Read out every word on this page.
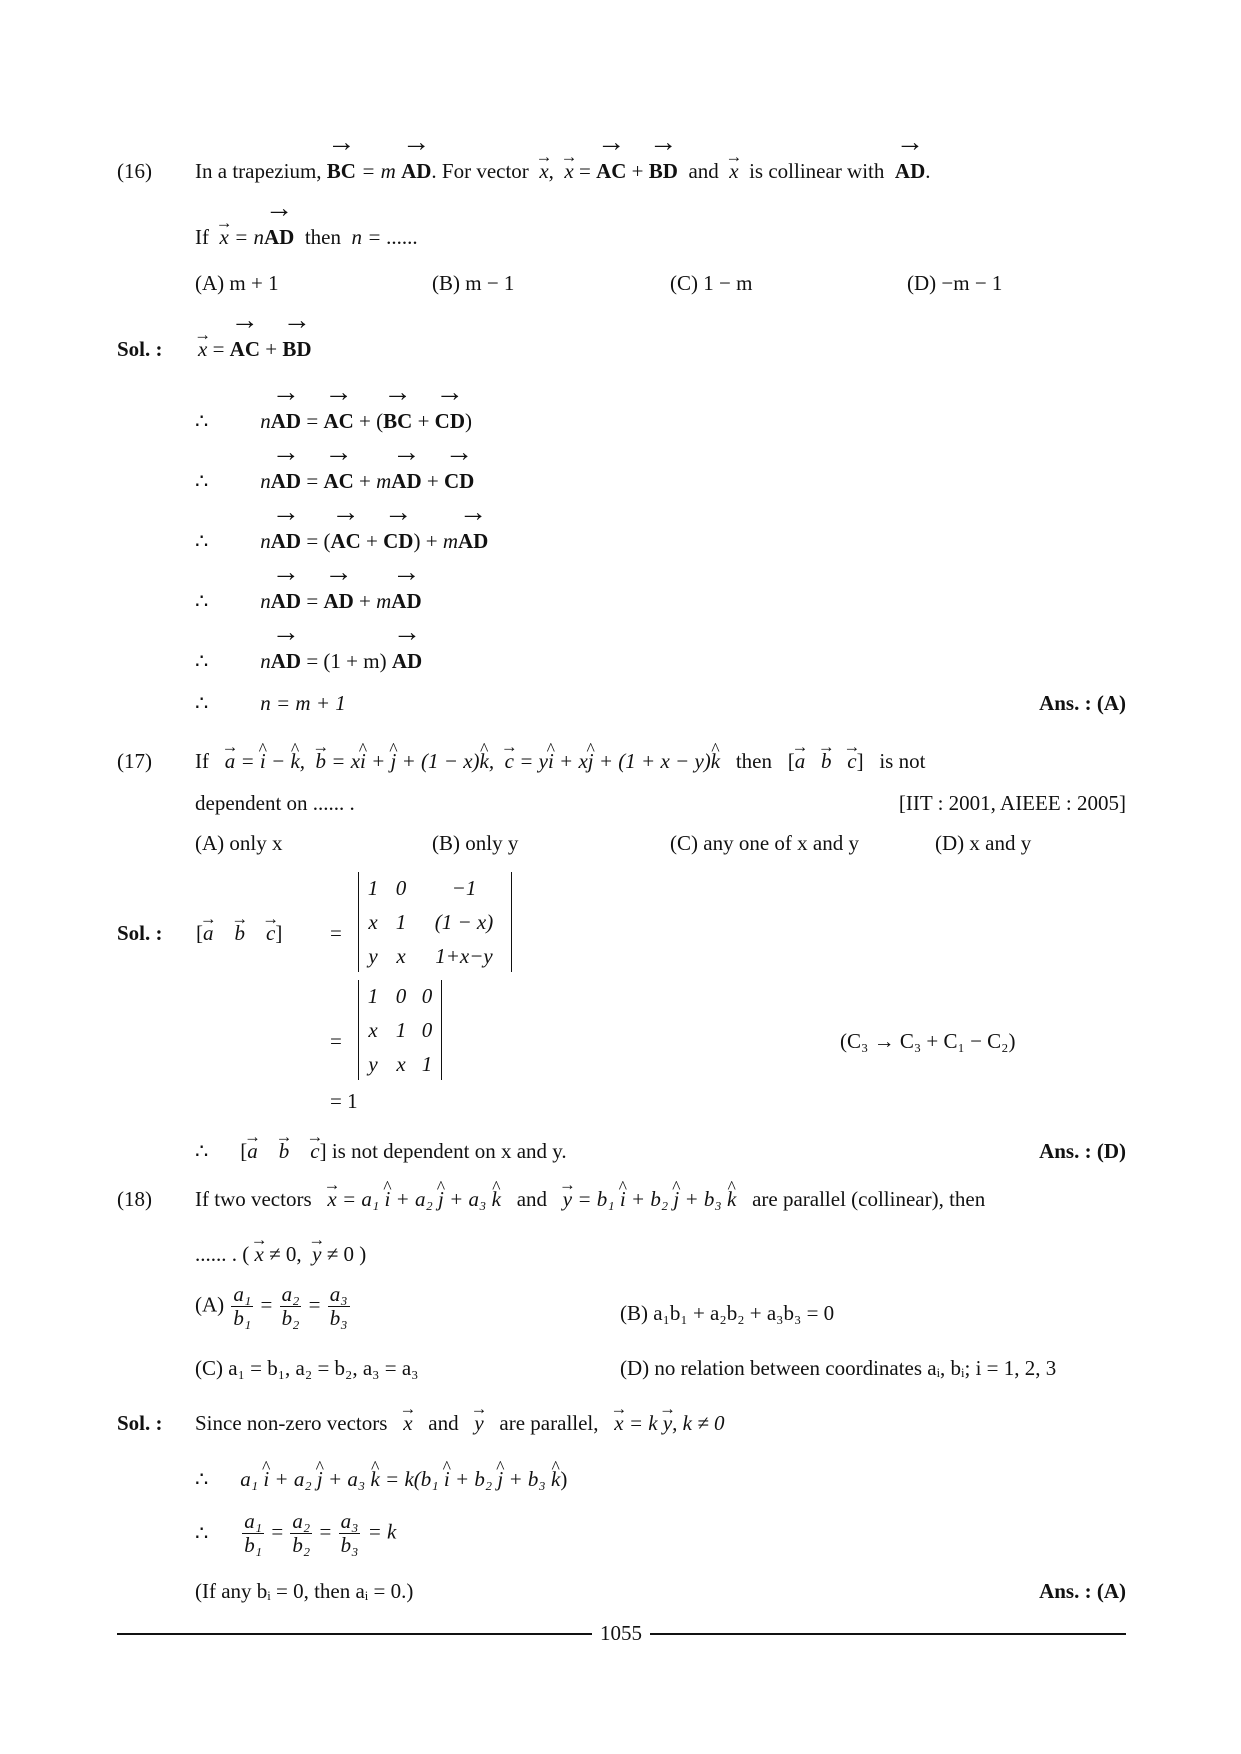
(16) In a trapezium, → BC = m → AD. For vector → x, → x = → AC + → BD and → x is collinear with → AD.
If → x = n→ AD then n = ......
(A) m + 1	(B) m − 1	(C) 1 − m	(D) −m − 1
Sol. : → x = → AC + → BD
∴ n→ AD = → AC + (→ BC + → CD)
∴ n→ AD = → AC + m→ AD + → CD
∴ n→ AD = (→ AC + → CD) + m→ AD
∴ n→ AD = → AD + m→ AD
∴ n→ AD = (1 + m) → AD
∴ n = m + 1	Ans. : (A)
(17) If → a = ^ i − ^ k, → b = x^ i + ^ j + (1 − x)^ k, → c = y^ i + x^ j + (1 + x − y)^ k then [→ a → b → c] is not
dependent on ...... .	[IIT : 2001, AIEEE : 2005]
(A) only x	(B) only y	(C) any one of x and y	(D) x and y
Sol. : [→ a → b → c] =
1 0	−1
x 1	(1 − x)
y x	1+x−y
=
1 0 0
x 1 0
y x 1
(C₃ → C₃ + C₁ − C₂)
= 1
∴ [→ a → b → c] is not dependent on x and y.	Ans. : (D)
(18) If two vectors → x = a₁ ^ i + a₂ ^ j + a₃ ^ k and → y = b₁ ^ i + b₂ ^ j + b₃ ^ k are parallel (collinear), then
...... . ( → x ≠ 0, → y ≠ 0 )
$(A) \frac{\text{a₁}}{\text{b₁}} = \frac{\text{a₂}}{\text{b₂}} = \frac{\text{a₃}}{\text{b₃}}$	(B) a₁b₁ + a₂b₂ + a₃b₃ = 0
(C) a₁ = b₁, a₂ = b₂, a₃ = a₃	(D) no relation between coordinates aᵢ, bᵢ; i = 1, 2, 3
Sol. : Since non-zero vectors → x and → y are parallel, → x = k → y, k ≠ 0
∴ a₁ ^ i + a₂ ^ j + a₃ ^ k = k(b₁ ^ i + b₂ ^ j + b₃ ^ k)
∴ $\frac{\text{a₁}}{\text{b₁}} = \frac{\text{a₂}}{\text{b₂}} = \frac{\text{a₃}}{\text{b₃}} = k$
(If any bᵢ = 0, then aᵢ = 0.)	Ans. : (A)
1055
